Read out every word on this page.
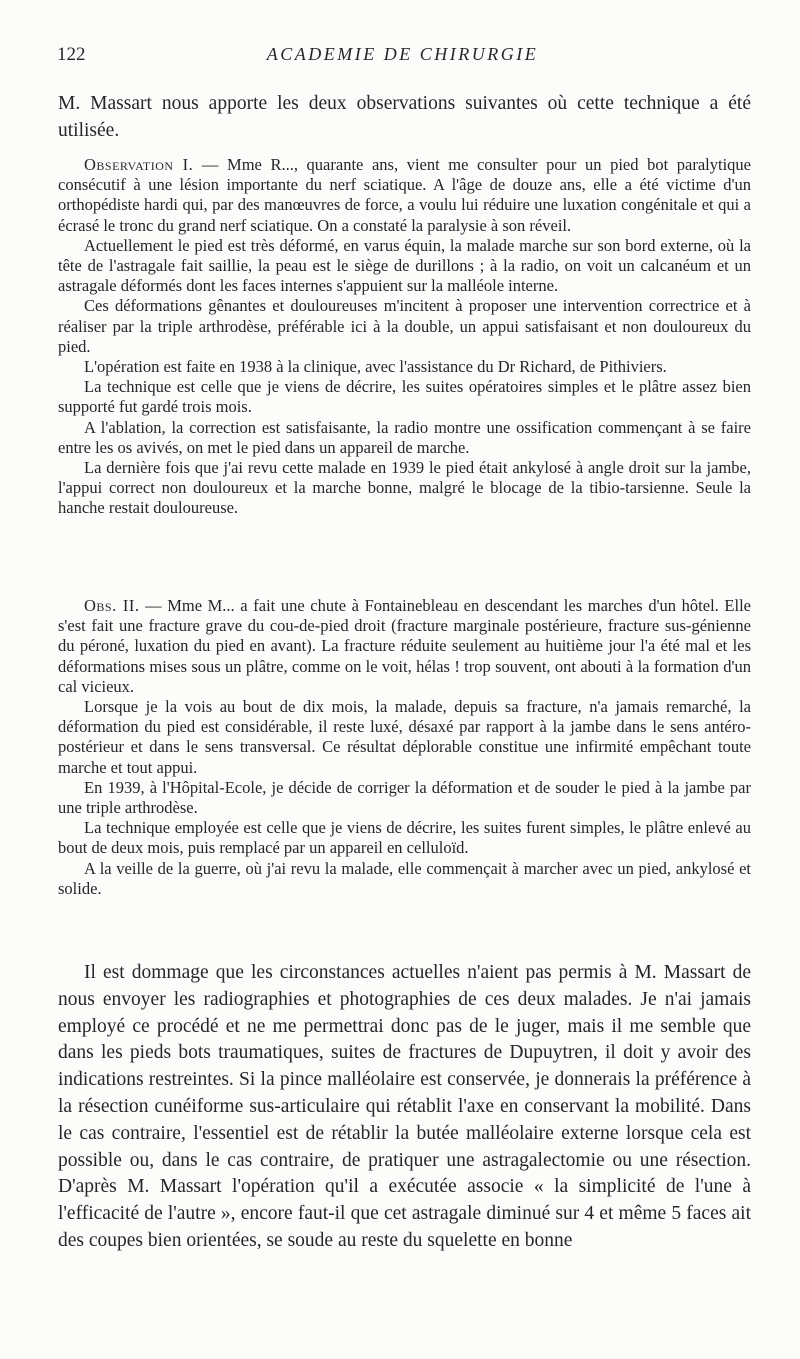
122	ACADEMIE DE CHIRURGIE
M. Massart nous apporte les deux observations suivantes où cette technique a été utilisée.

Observation I. — Mme R..., quarante ans, vient me consulter pour un pied bot paralytique consécutif à une lésion importante du nerf sciatique. A l'âge de douze ans, elle a été victime d'un orthopédiste hardi qui, par des manœuvres de force, a voulu lui réduire une luxation congénitale et qui a écrasé le tronc du grand nerf sciatique. On a constaté la paralysie à son réveil.

Actuellement le pied est très déformé, en varus équin, la malade marche sur son bord externe, où la tête de l'astragale fait saillie, la peau est le siège de durillons ; à la radio, on voit un calcanéum et un astragale déformés dont les faces internes s'appuient sur la malléole interne.

Ces déformations gênantes et douloureuses m'incitent à proposer une intervention correctrice et à réaliser par la triple arthrodèse, préférable ici à la double, un appui satisfaisant et non douloureux du pied.

L'opération est faite en 1938 à la clinique, avec l'assistance du Dr Richard, de Pithiviers.

La technique est celle que je viens de décrire, les suites opératoires simples et le plâtre assez bien supporté fut gardé trois mois.

A l'ablation, la correction est satisfaisante, la radio montre une ossification commençant à se faire entre les os avivés, on met le pied dans un appareil de marche.

La dernière fois que j'ai revu cette malade en 1939 le pied était ankylosé à angle droit sur la jambe, l'appui correct non douloureux et la marche bonne, malgré le blocage de la tibio-tarsienne. Seule la hanche restait douloureuse.

Obs. II. — Mme M... a fait une chute à Fontainebleau en descendant les marches d'un hôtel. Elle s'est fait une fracture grave du cou-de-pied droit (fracture marginale postérieure, fracture sus-génienne du péroné, luxation du pied en avant). La fracture réduite seulement au huitième jour l'a été mal et les déformations mises sous un plâtre, comme on le voit, hélas ! trop souvent, ont abouti à la formation d'un cal vicieux.

Lorsque je la vois au bout de dix mois, la malade, depuis sa fracture, n'a jamais remarché, la déformation du pied est considérable, il reste luxé, désaxé par rapport à la jambe dans le sens antéro-postérieur et dans le sens transversal. Ce résultat déplorable constitue une infirmité empêchant toute marche et tout appui.

En 1939, à l'Hôpital-Ecole, je décide de corriger la déformation et de souder le pied à la jambe par une triple arthrodèse.

La technique employée est celle que je viens de décrire, les suites furent simples, le plâtre enlevé au bout de deux mois, puis remplacé par un appareil en celluloïd.

A la veille de la guerre, où j'ai revu la malade, elle commençait à marcher avec un pied, ankylosé et solide.

Il est dommage que les circonstances actuelles n'aient pas permis à M. Massart de nous envoyer les radiographies et photographies de ces deux malades. Je n'ai jamais employé ce procédé et ne me permettrai donc pas de le juger, mais il me semble que dans les pieds bots traumatiques, suites de fractures de Dupuytren, il doit y avoir des indications restreintes. Si la pince malléolaire est conservée, je donnerais la préférence à la résection cunéiforme sus-articulaire qui rétablit l'axe en conservant la mobilité. Dans le cas contraire, l'essentiel est de rétablir la butée malléolaire externe lorsque cela est possible ou, dans le cas contraire, de pratiquer une astragalectomie ou une résection. D'après M. Massart l'opération qu'il a exécutée associe « la simplicité de l'une à l'efficacité de l'autre », encore faut-il que cet astragale diminué sur 4 et même 5 faces ait des coupes bien orientées, se soude au reste du squelette en bonne
